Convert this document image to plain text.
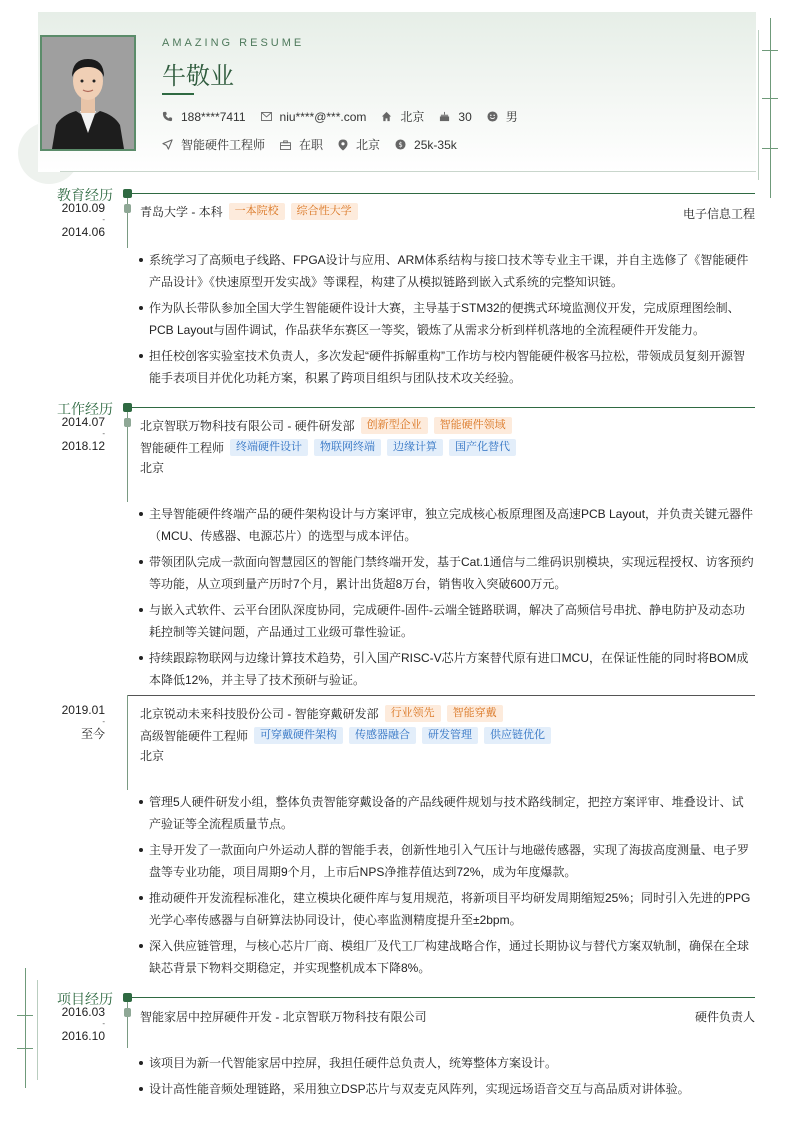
AMAZING RESUME
牛敬业
188****7411	niu****@***.com	北京	30	男
智能硬件工程师	在职	北京 $ 25k-35k
教育经历
2010.09
-
2014.06
青岛大学 - 本科	一本院校	综合性大学	电子信息工程
系统学习了高频电子线路、FPGA设计与应用、ARM体系结构与接口技术等专业主干课，并自主选修了《智能硬件产品设计》《快速原型开发实战》等课程，构建了从模拟链路到嵌入式系统的完整知识链。
作为队长带队参加全国大学生智能硬件设计大赛，主导基于STM32的便携式环境监测仪开发，完成原理图绘制、PCB Layout与固件调试，作品获华东赛区一等奖，锻炼了从需求分析到样机落地的全流程硬件开发能力。
担任校创客实验室技术负责人，多次发起“硬件拆解重构”工作坊与校内智能硬件极客马拉松，带领成员复刻开源智能手表项目并优化功耗方案，积累了跨项目组织与团队技术攻关经验。
工作经历
2014.07
-
2018.12
北京智联万物科技有限公司 - 硬件研发部	创新型企业	智能硬件领域
智能硬件工程师	终端硬件设计	物联网终端	边缘计算	国产化替代
北京
主导智能硬件终端产品的硬件架构设计与方案评审，独立完成核心板原理图及高速PCB Layout，并负责关键元器件（MCU、传感器、电源芯片）的选型与成本评估。
带领团队完成一款面向智慧园区的智能门禁终端开发，基于Cat.1通信与二维码识别模块，实现远程授权、访客预约等功能，从立项到量产历时7个月，累计出货超8万台，销售收入突破600万元。
与嵌入式软件、云平台团队深度协同，完成硬件-固件-云端全链路联调，解决了高频信号串扰、静电防护及动态功耗控制等关键问题，产品通过工业级可靠性验证。
持续跟踪物联网与边缘计算技术趋势，引入国产RISC-V芯片方案替代原有进口MCU，在保证性能的同时将BOM成本降低12%，并主导了技术预研与验证。
2019.01
-
至今
北京锐动未来科技股份公司 - 智能穿戴研发部	行业领先	智能穿戴
高级智能硬件工程师	可穿戴硬件架构	传感器融合	研发管理	供应链优化
北京
管理5人硬件研发小组，整体负责智能穿戴设备的产品线硬件规划与技术路线制定，把控方案评审、堆叠设计、试产验证等全流程质量节点。
主导开发了一款面向户外运动人群的智能手表，创新性地引入气压计与地磁传感器，实现了海拔高度测量、电子罗盘等专业功能，项目周期9个月，上市后NPS净推荐值达到72%，成为年度爆款。
推动硬件开发流程标准化，建立模块化硬件库与复用规范，将新项目平均研发周期缩短25%；同时引入先进的PPG光学心率传感器与自研算法协同设计，使心率监测精度提升至±2bpm。
深入供应链管理，与核心芯片厂商、模组厂及代工厂构建战略合作，通过长期协议与替代方案双轨制，确保在全球缺芯背景下物料交期稳定，并实现整机成本下降8%。
项目经历
2016.03
-
2016.10
智能家居中控屏硬件开发 - 北京智联万物科技有限公司	硬件负责人
该项目为新一代智能家居中控屏，我担任硬件总负责人，统筹整体方案设计。
设计高性能音频处理链路，采用独立DSP芯片与双麦克风阵列，实现远场语音交互与高品质对讲体验。
